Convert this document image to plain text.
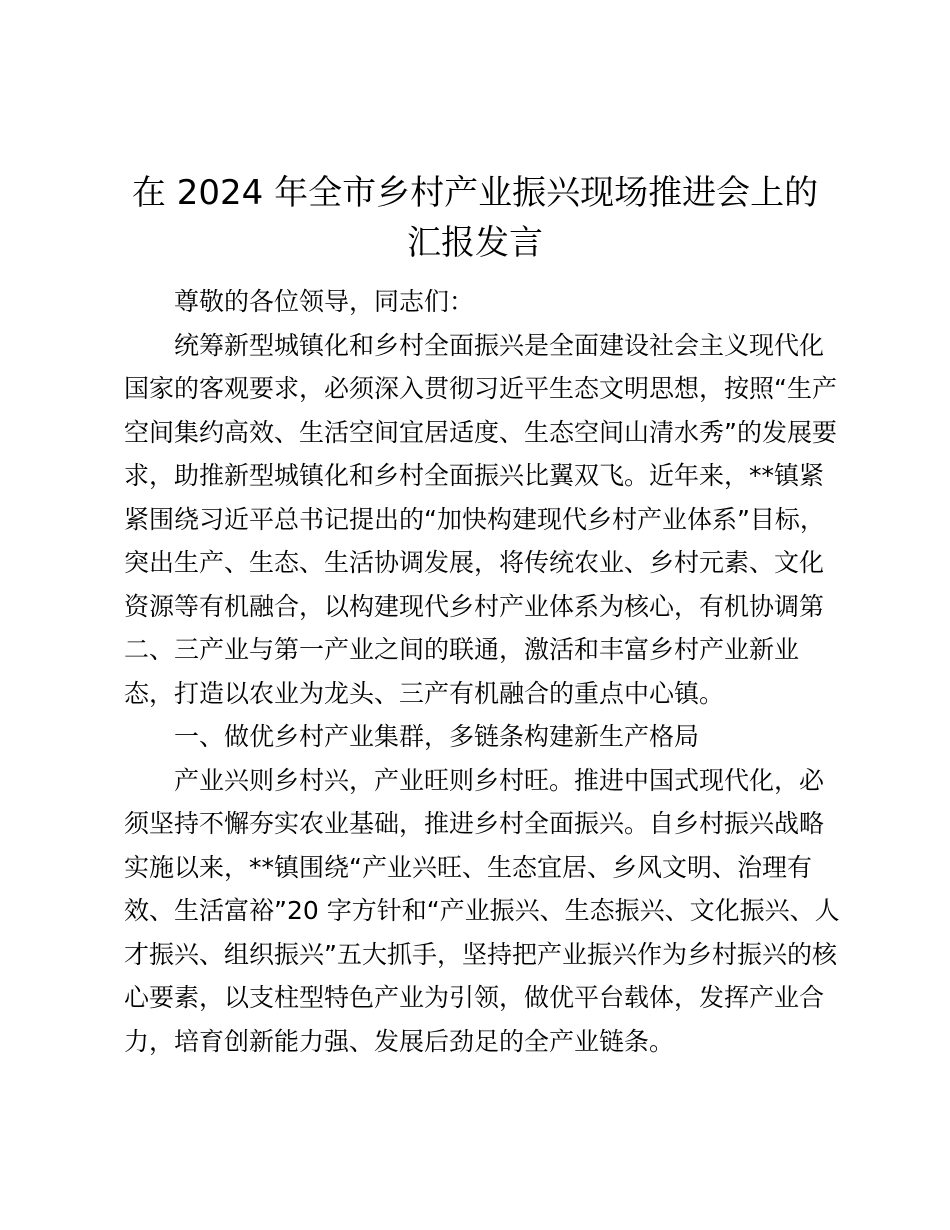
在 2024 年全市乡村产业振兴现场推进会上的
汇报发言
尊敬的各位领导，同志们：
统筹新型城镇化和乡村全面振兴是全面建设社会主义现代化
国家的客观要求，必须深入贯彻习近平生态文明思想，按照“生产
空间集约高效、生活空间宜居适度、生态空间山清水秀”的发展要
求，助推新型城镇化和乡村全面振兴比翼双飞。近年来，**镇紧
紧围绕习近平总书记提出的“加快构建现代乡村产业体系”目标，
突出生产、生态、生活协调发展，将传统农业、乡村元素、文化
资源等有机融合，以构建现代乡村产业体系为核心，有机协调第
二、三产业与第一产业之间的联通，激活和丰富乡村产业新业
态，打造以农业为龙头、三产有机融合的重点中心镇。
一、做优乡村产业集群，多链条构建新生产格局
产业兴则乡村兴，产业旺则乡村旺。推进中国式现代化，必
须坚持不懈夯实农业基础，推进乡村全面振兴。自乡村振兴战略
实施以来，**镇围绕“产业兴旺、生态宜居、乡风文明、治理有
效、生活富裕”20 字方针和“产业振兴、生态振兴、文化振兴、人
才振兴、组织振兴”五大抓手，坚持把产业振兴作为乡村振兴的核
心要素，以支柱型特色产业为引领，做优平台载体，发挥产业合
力，培育创新能力强、发展后劲足的全产业链条。
